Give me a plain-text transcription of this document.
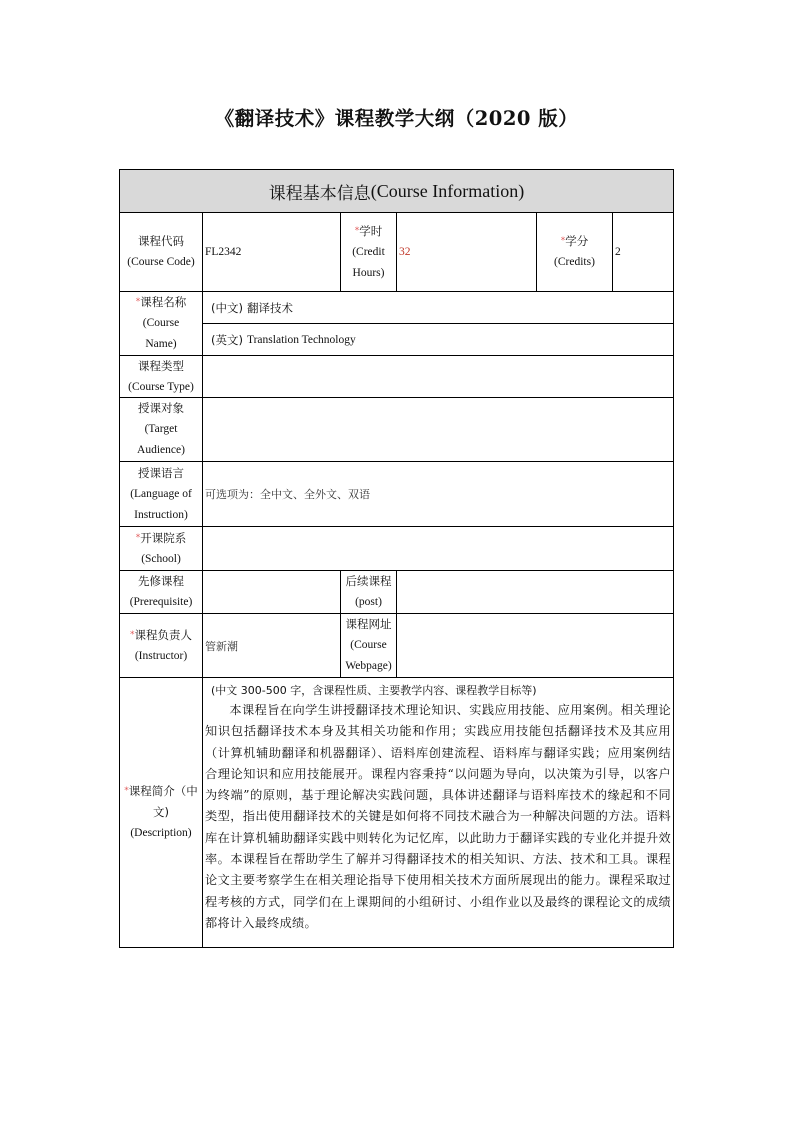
《翻译技术》课程教学大纲（2020 版）
课程基本信息 (Course Information)
课程代码
(Course Code)
FL2342
*学时
(Credit
Hours)
32
*学分
(Credits)
2
*课程名称
(Course
Name)
(中文) 翻译技术
(英文) Translation Technology
课程类型
(Course Type)
授课对象
(Target
Audience)
授课语言
(Language of
Instruction)
可选项为：全中文、全外文、双语
*开课院系
(School)
先修课程
(Prerequisite)
后续课程
(post)
*课程负责人
(Instructor)
管新潮
课程网址
(Course
Webpage)
*课程简介（中
文)
(Description)
(中文 300-500 字，含课程性质、主要教学内容、课程教学目标等)
本课程旨在向学生讲授翻译技术理论知识、实践应用技能、应用案例。相关理论知识包括翻译技术本身及其相关功能和作用；实践应用技能包括翻译技术及其应用（计算机辅助翻译和机器翻译）、语料库创建流程、语料库与翻译实践；应用案例结合理论知识和应用技能展开。课程内容秉持“以问题为导向，以决策为引导，以客户为终端”的原则，基于理论解决实践问题，具体讲述翻译与语料库技术的缘起和不同类型，指出使用翻译技术的关键是如何将不同技术融合为一种解决问题的方法。语料库在计算机辅助翻译实践中则转化为记忆库，以此助力于翻译实践的专业化并提升效率。本课程旨在帮助学生了解并习得翻译技术的相关知识、方法、技术和工具。课程论文主要考察学生在相关理论指导下使用相关技术方面所展现出的能力。课程采取过程考核的方式，同学们在上课期间的小组研讨、小组作业以及最终的课程论文的成绩都将计入最终成绩。
